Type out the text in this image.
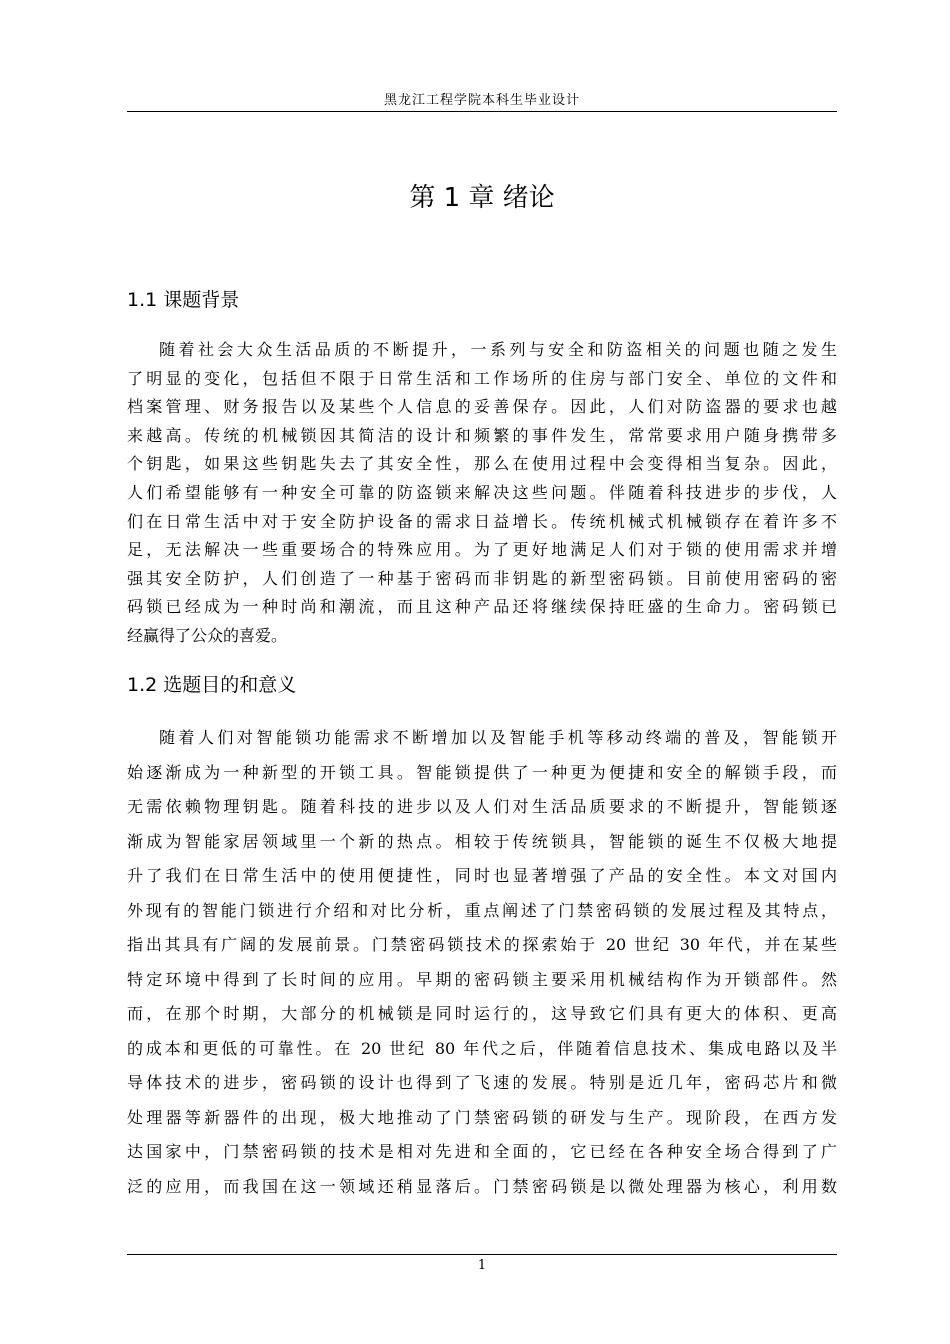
黑龙江工程学院本科生毕业设计
第 1 章 绪论
1.1 课题背景
随着社会大众生活品质的不断提升，一系列与安全和防盗相关的问题也随之发生
了明显的变化，包括但不限于日常生活和工作场所的住房与部门安全、单位的文件和
档案管理、财务报告以及某些个人信息的妥善保存。因此，人们对防盗器的要求也越
来越高。传统的机械锁因其简洁的设计和频繁的事件发生，常常要求用户随身携带多
个钥匙，如果这些钥匙失去了其安全性，那么在使用过程中会变得相当复杂。因此，
人们希望能够有一种安全可靠的防盗锁来解决这些问题。伴随着科技进步的步伐，人
们在日常生活中对于安全防护设备的需求日益增长。传统机械式机械锁存在着许多不
足，无法解决一些重要场合的特殊应用。为了更好地满足人们对于锁的使用需求并增
强其安全防护，人们创造了一种基于密码而非钥匙的新型密码锁。目前使用密码的密
码锁已经成为一种时尚和潮流，而且这种产品还将继续保持旺盛的生命力。密码锁已
经赢得了公众的喜爱。
1.2 选题目的和意义
随着人们对智能锁功能需求不断增加以及智能手机等移动终端的普及，智能锁开
始逐渐成为一种新型的开锁工具。智能锁提供了一种更为便捷和安全的解锁手段，而
无需依赖物理钥匙。随着科技的进步以及人们对生活品质要求的不断提升，智能锁逐
渐成为智能家居领域里一个新的热点。相较于传统锁具，智能锁的诞生不仅极大地提
升了我们在日常生活中的使用便捷性，同时也显著增强了产品的安全性。本文对国内
外现有的智能门锁进行介绍和对比分析，重点阐述了门禁密码锁的发展过程及其特点，
指出其具有广阔的发展前景。门禁密码锁技术的探索始于 20 世纪 30 年代，并在某些
特定环境中得到了长时间的应用。早期的密码锁主要采用机械结构作为开锁部件。然
而，在那个时期，大部分的机械锁是同时运行的，这导致它们具有更大的体积、更高
的成本和更低的可靠性。在 20 世纪 80 年代之后，伴随着信息技术、集成电路以及半
导体技术的进步，密码锁的设计也得到了飞速的发展。特别是近几年，密码芯片和微
处理器等新器件的出现，极大地推动了门禁密码锁的研发与生产。现阶段，在西方发
达国家中，门禁密码锁的技术是相对先进和全面的，它已经在各种安全场合得到了广
泛的应用，而我国在这一领域还稍显落后。门禁密码锁是以微处理器为核心，利用数
1
